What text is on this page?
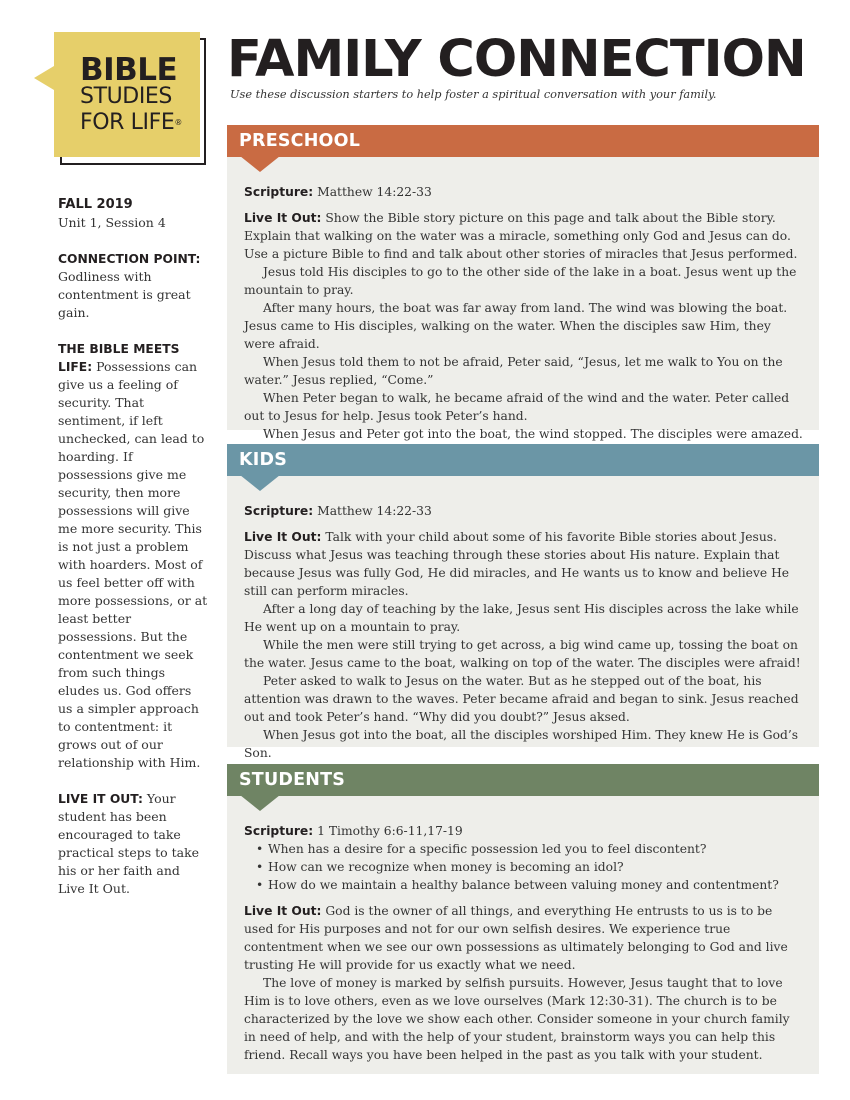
BIBLE
STUDIES
FOR LIFE®
FAMILY CONNECTION
Use these discussion starters to help foster a spiritual conversation with your family.
FALL 2019
Unit 1, Session 4
CONNECTION POINT: Godliness with contentment is great gain.
THE BIBLE MEETS LIFE: Possessions can give us a feeling of security. That sentiment, if left unchecked, can lead to hoarding. If possessions give me security, then more possessions will give me more security. This is not just a problem with hoarders. Most of us feel better off with more possessions, or at least better possessions. But the contentment we seek from such things eludes us. God offers us a simpler approach to contentment: it grows out of our relationship with Him.
LIVE IT OUT: Your student has been encouraged to take practical steps to take his or her faith and Live It Out.
PRESCHOOL

Scripture: Matthew 14:22-33

Live It Out: Show the Bible story picture on this page and talk about the Bible story. Explain that walking on the water was a miracle, something only God and Jesus can do. Use a picture Bible to find and talk about other stories of miracles that Jesus performed.

Jesus told His disciples to go to the other side of the lake in a boat. Jesus went up the mountain to pray.

After many hours, the boat was far away from land. The wind was blowing the boat. Jesus came to His disciples, walking on the water. When the disciples saw Him, they were afraid.

When Jesus told them to not be afraid, Peter said, “Jesus, let me walk to You on the water.” Jesus replied, “Come.”

When Peter began to walk, he became afraid of the wind and the water. Peter called out to Jesus for help. Jesus took Peter’s hand.

When Jesus and Peter got into the boat, the wind stopped. The disciples were amazed.

KIDS

Scripture: Matthew 14:22-33

Live It Out: Talk with your child about some of his favorite Bible stories about Jesus. Discuss what Jesus was teaching through these stories about His nature. Explain that because Jesus was fully God, He did miracles, and He wants us to know and believe He still can perform miracles.

After a long day of teaching by the lake, Jesus sent His disciples across the lake while He went up on a mountain to pray.

While the men were still trying to get across, a big wind came up, tossing the boat on the water. Jesus came to the boat, walking on top of the water. The disciples were afraid!

Peter asked to walk to Jesus on the water. But as he stepped out of the boat, his attention was drawn to the waves. Peter became afraid and began to sink. Jesus reached out and took Peter’s hand. “Why did you doubt?” Jesus aksed.

When Jesus got into the boat, all the disciples worshiped Him. They knew He is God’s Son.

STUDENTS

Scripture: 1 Timothy 6:6-11,17-19

• When has a desire for a specific possession led you to feel discontent?
• How can we recognize when money is becoming an idol?
• How do we maintain a healthy balance between valuing money and contentment?

Live It Out: God is the owner of all things, and everything He entrusts to us is to be used for His purposes and not for our own selfish desires. We experience true contentment when we see our own possessions as ultimately belonging to God and live trusting He will provide for us exactly what we need.

The love of money is marked by selfish pursuits. However, Jesus taught that to love Him is to love others, even as we love ourselves (Mark 12:30-31). The church is to be characterized by the love we show each other. Consider someone in your church family in need of help, and with the help of your student, brainstorm ways you can help this friend. Recall ways you have been helped in the past as you talk with your student.
